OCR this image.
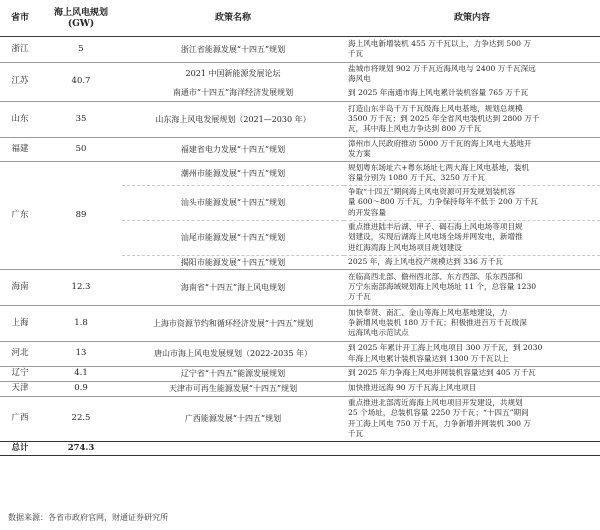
省市	海上风电规划
(GW)	政策名称	政策内容
浙江	5	浙江省能源发展“十四五”规划	海上风电新增装机 455 万千瓦以上，力争达到 500 万
千瓦

江苏	40.7	2021 中国新能源发展论坛	盐城市将规划 902 万千瓦近海风电与 2400 万千瓦深远
海风电

		南通市“十四五”海洋经济发展规划	到 2025 年南通市海上风电累计装机容量 765 万千瓦

山东	35	山东海上风电发展规划（2021—2030 年）	打造山东半岛千万千瓦级海上风电基地，规划总规模
3500 万千瓦；到 2025 年全省风电装机达到 2800 万千
瓦，其中海上风电力争达到 800 万千瓦

福建	50	福建省电力发展“十四五”规划	漳州市人民政府推动 5000 万千瓦的海上风电大基地开
发方案

广东	89	潮州市能源发展“十四五”规划	规划粤东场址六+粤东场址七两大海上风电基地，装机
容量分别为 1080 万千瓦、3250 万千瓦

		汕头市能源发展“十四五”规划	争取“十四五”期间海上风电资源可开发规划装机容
量 600～800 万千瓦，力争保持每年不低于 200 万千瓦
的开发容量

		汕尾市能源发展“十四五”规划	重点推进陆丰后湖、甲子、碣石海上风电场等项目规
划建设，实现后湖海上风电场全场并网发电，新增推
进红海湾海上风电场项目规划建设

		揭阳市能源发展“十四五”规划	2025 年，海上风电投产规模达到 336 万千瓦

海南	12.3	海南省“十四五”海上风电规划	在临高西北部、儋州西北部、东方西部、乐东西部和
万宁东南部海域规划海上风电场址 11 个，总容量 1230
万千瓦

上海	1.8	上海市资源节约和循环经济发展“十四五”规划	加快奉贤、南汇、金山等海上风电基地建设，力
争新增风电装机 180 万千瓦；积极推进百万千瓦级深
远海风电示范试点

河北	13	唐山市海上风电发展规划（2022-2035 年）	到 2025 年累计开工海上风电项目 300 万千瓦，到 2030
年海上风电累计装机容量达到 1300 万千瓦以上

辽宁	4.1	辽宁省“十四五”能源发展规划	到 2025 年力争海上风电并网装机容量达到 405 万千瓦

天津	0.9	天津市可再生能源发展“十四五”规划	加快推进远海 90 万千瓦海上风电项目

广西	22.5	广西能源发展“十四五”规划	重点推进北部湾近海海上风电项目开发建设，共规划
25 个场址，总装机容量 2250 万千瓦；“十四五”期间
开工海上风电 750 万千瓦，力争新增并网装机 300 万
千瓦

总计	274.3		
数据来源：各省市政府官网，财通证券研究所
